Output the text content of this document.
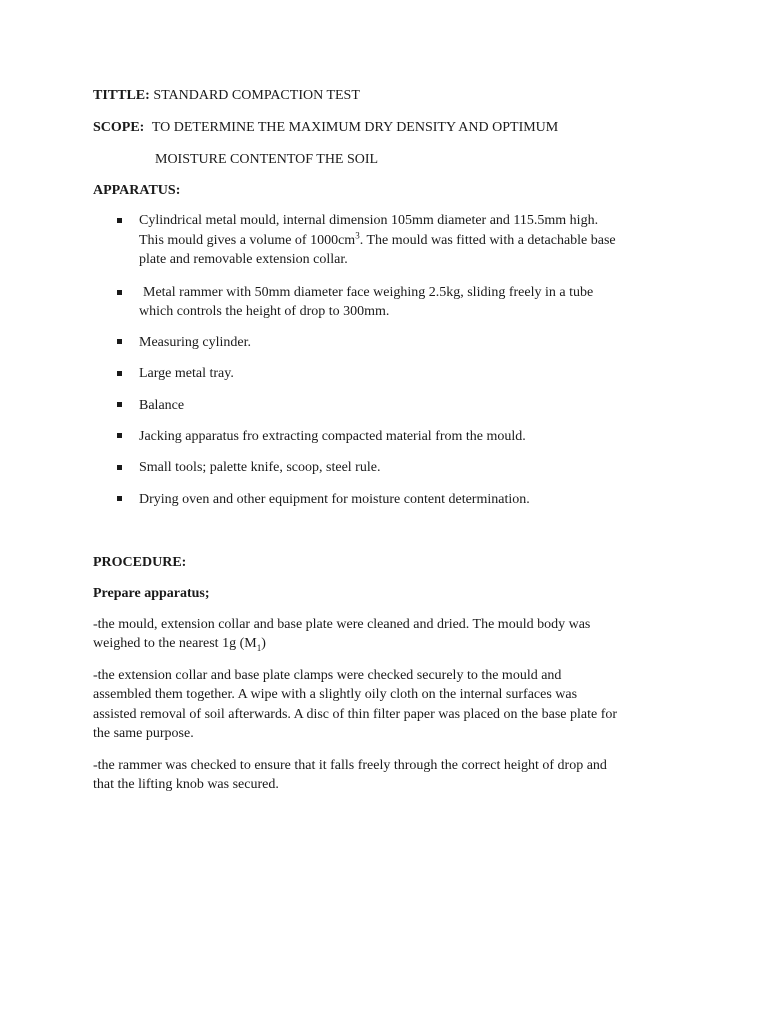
TITTLE: STANDARD COMPACTION TEST
SCOPE: TO DETERMINE THE MAXIMUM DRY DENSITY AND OPTIMUM
MOISTURE CONTENTOF THE SOIL
APPARATUS:
Cylindrical metal mould, internal dimension 105mm diameter and 115.5mm high.
This mould gives a volume of $1000cm^3$. The mould was fitted with a detachable base
plate and removable extension collar.
Metal rammer with 50mm diameter face weighing 2.5kg, sliding freely in a tube
which controls the height of drop to 300mm.
Measuring cylinder.
Large metal tray.
Balance
Jacking apparatus fro extracting compacted material from the mould.
Small tools; palette knife, scoop, steel rule.
Drying oven and other equipment for moisture content determination.
PROCEDURE:
Prepare apparatus;
-the mould, extension collar and base plate were cleaned and dried. The mould body was
weighed to the nearest 1g $(M_1)$
-the extension collar and base plate clamps were checked securely to the mould and
assembled them together. A wipe with a slightly oily cloth on the internal surfaces was
assisted removal of soil afterwards. A disc of thin filter paper was placed on the base plate for
the same purpose.
-the rammer was checked to ensure that it falls freely through the correct height of drop and
that the lifting knob was secured.
